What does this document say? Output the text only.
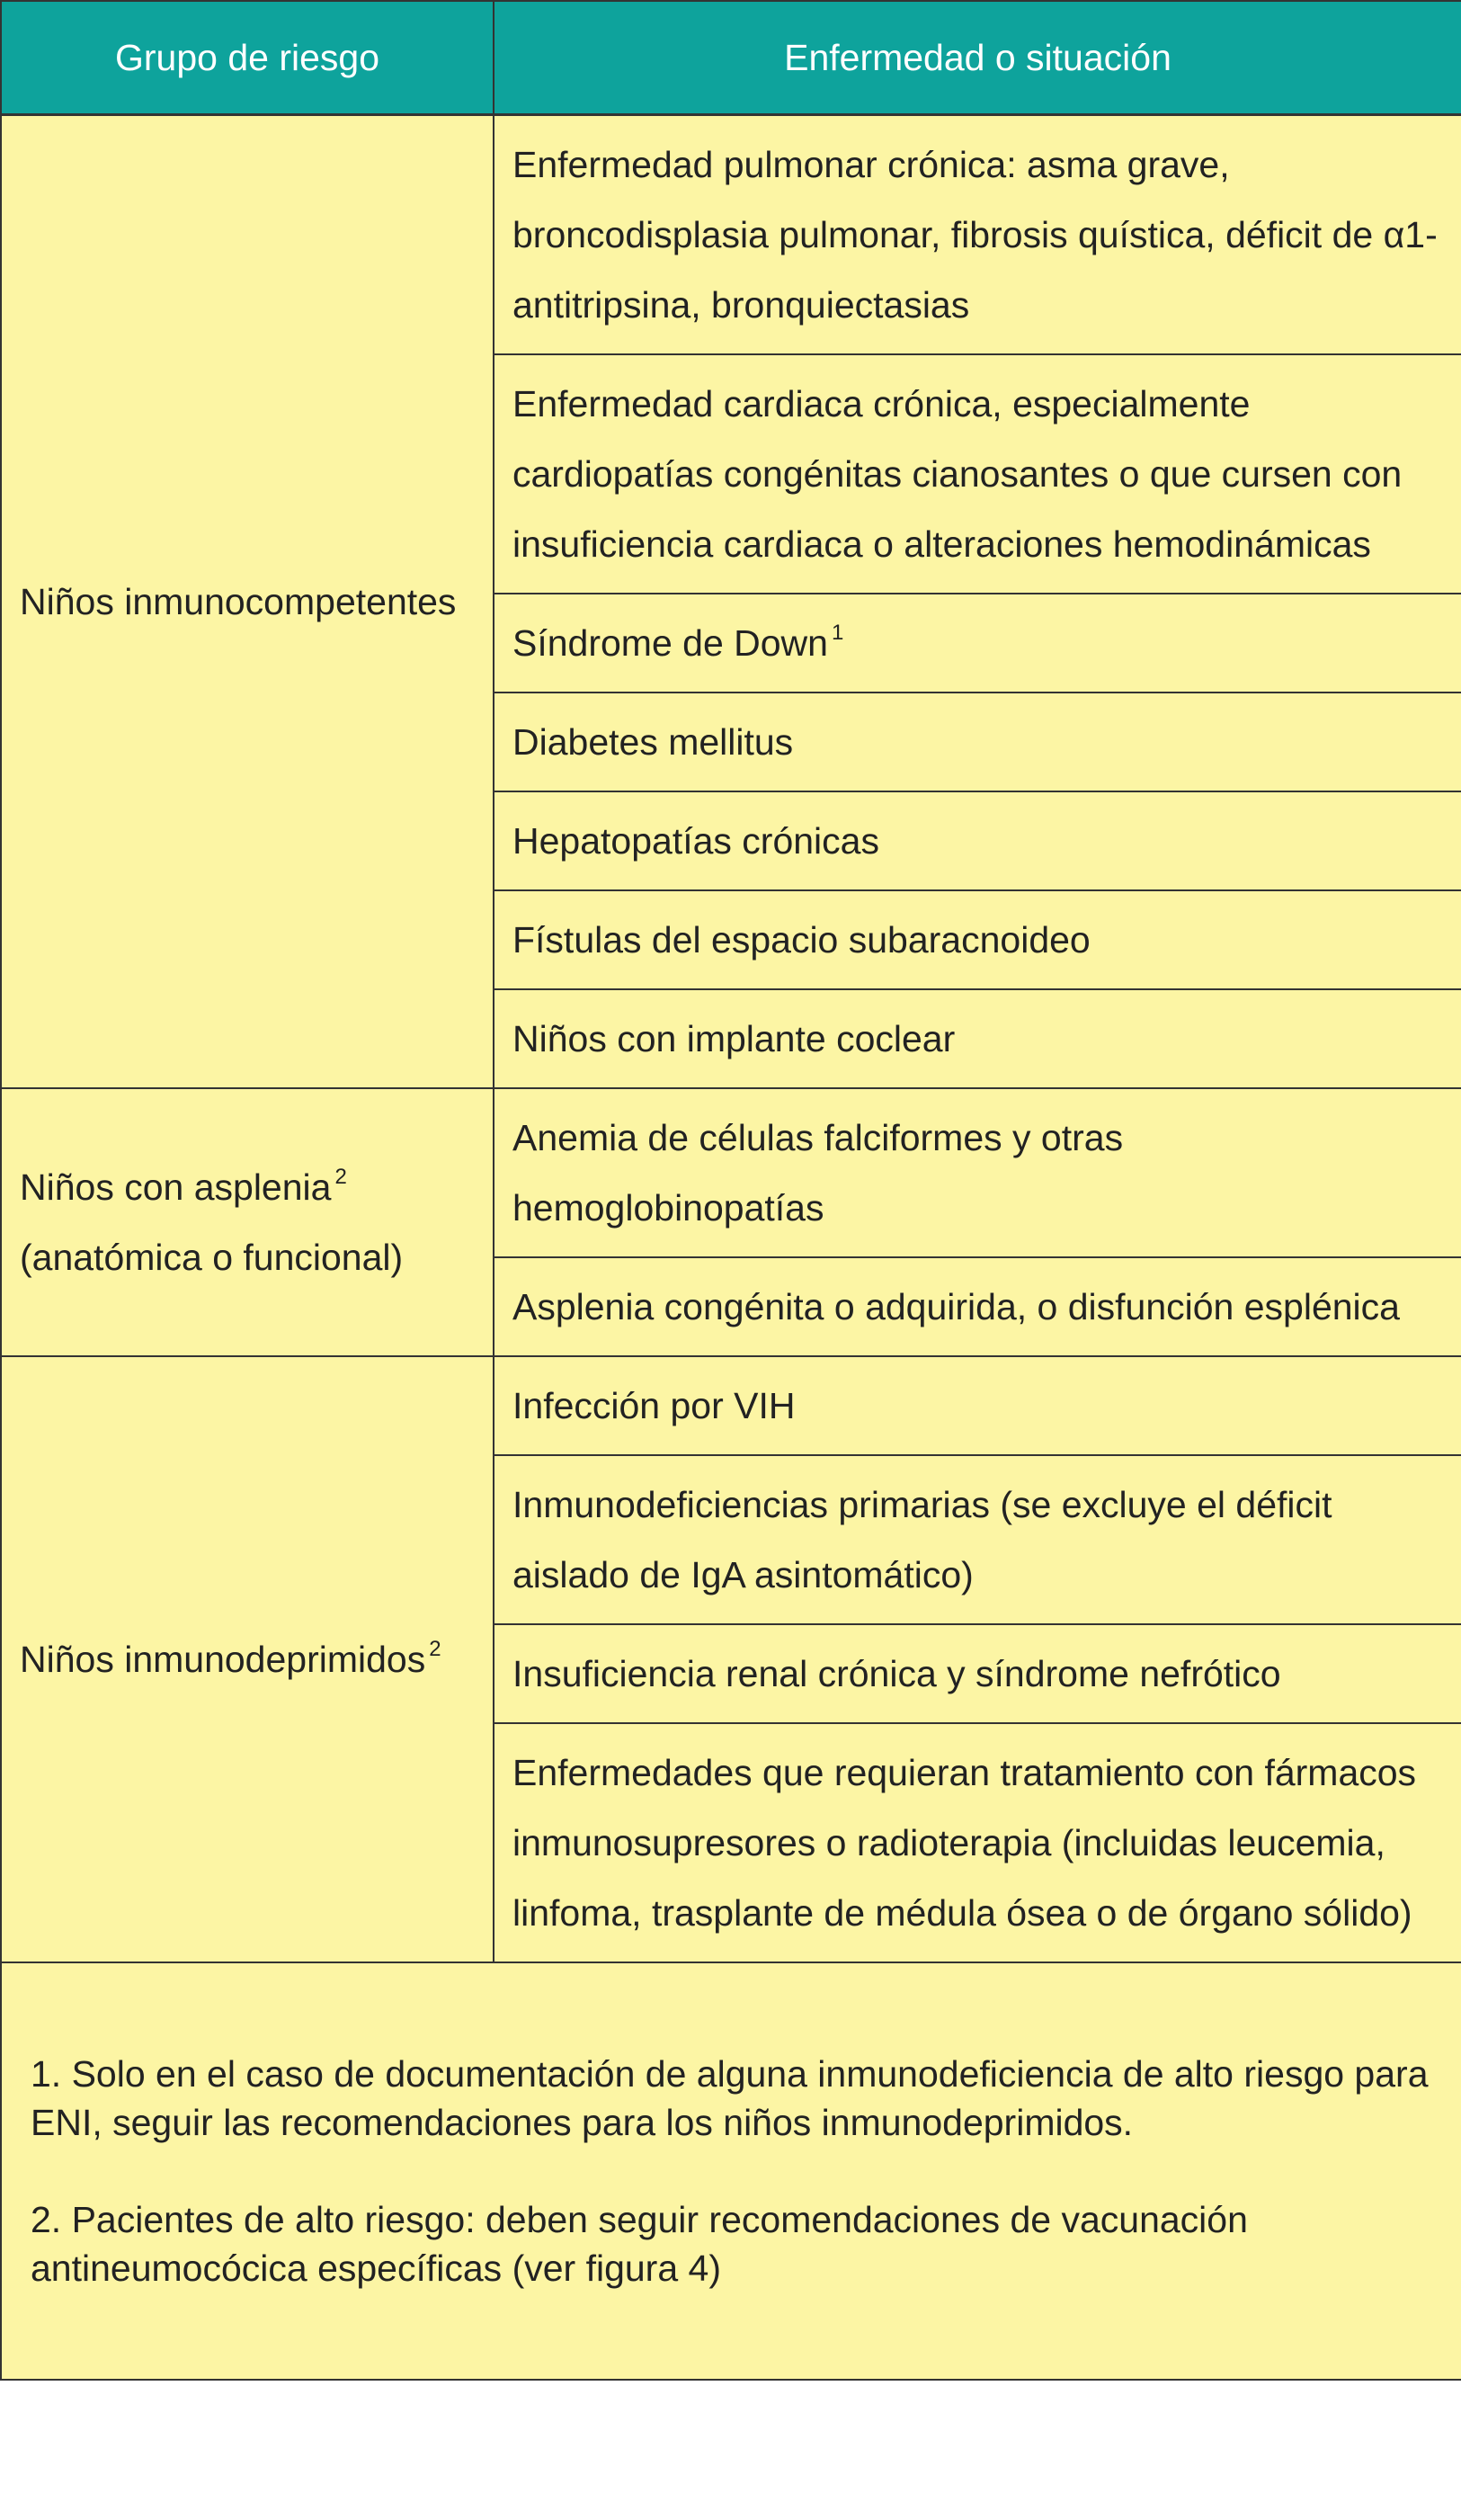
Grupo de riesgo	Enfermedad o situación
Niños inmunocompetentes	Enfermedad pulmonar crónica: asma grave, broncodisplasia pulmonar, fibrosis quística, déficit de α1-antitripsina, bronquiectasias
	Enfermedad cardiaca crónica, especialmente cardiopatías congénitas cianosantes o que cursen con insuficiencia cardiaca o alteraciones hemodinámicas
	Síndrome de Down $^1$
	Diabetes mellitus
	Hepatopatías crónicas
	Fístulas del espacio subaracnoideo
	Niños con implante coclear
Niños con asplenia $^2$ (anatómica o funcional)	Anemia de células falciformes y otras hemoglobinopatías
	Asplenia congénita o adquirida, o disfunción esplénica
Niños inmunodeprimidos $^2$	Infección por VIH
	Inmunodeficiencias primarias (se excluye el déficit aislado de IgA asintomático)
	Insuficiencia renal crónica y síndrome nefrótico
	Enfermedades que requieran tratamiento con fármacos inmunosupresores o radioterapia (incluidas leucemia, linfoma, trasplante de médula ósea o de órgano sólido)

1. Solo en el caso de documentación de alguna inmunodeficiencia de alto riesgo para ENI, seguir las recomendaciones para los niños inmunodeprimidos.
2. Pacientes de alto riesgo: deben seguir recomendaciones de vacunación antineumocócica específicas (ver figura 4)	
